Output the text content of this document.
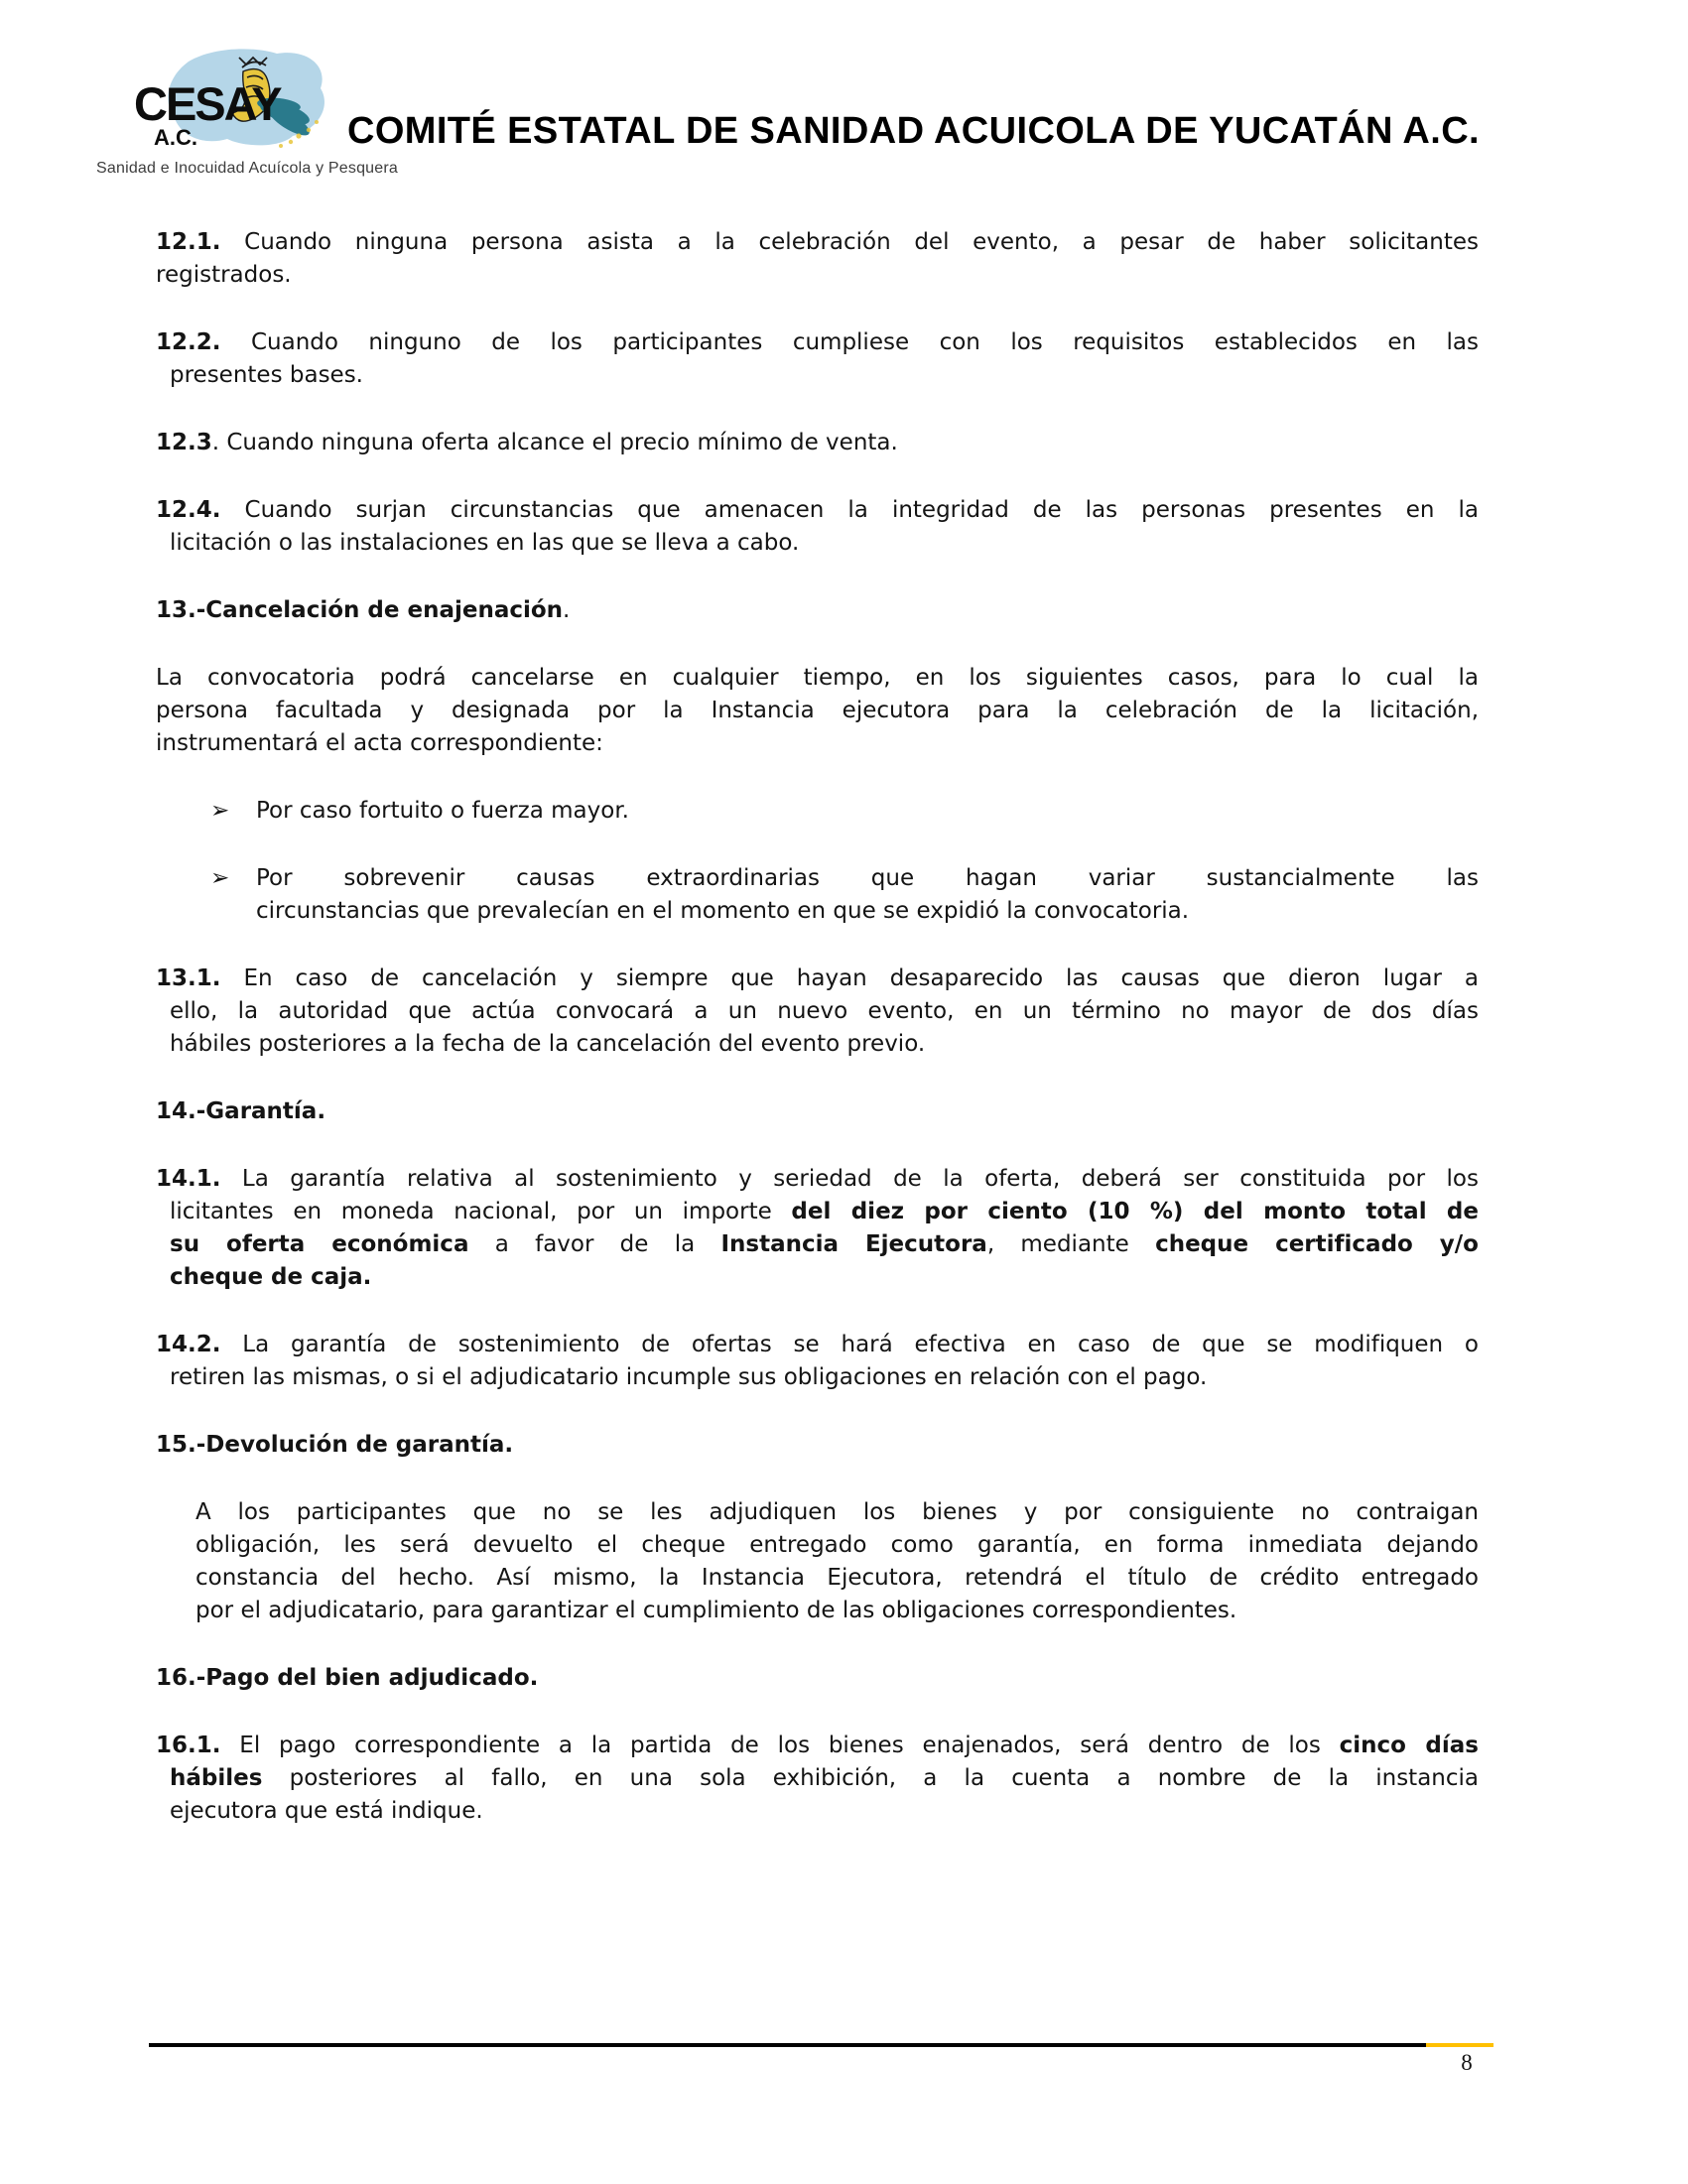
CESAY
A.C.
Sanidad e Inocuidad Acuícola y Pesquera
COMITÉ ESTATAL DE SANIDAD ACUICOLA DE YUCATÁN A.C.

12.1. Cuando ninguna persona asista a la celebración del evento, a pesar de haber solicitantes
registrados.

12.2. Cuando ninguno de los participantes cumpliese con los requisitos establecidos en las
presentes bases.

12.3. Cuando ninguna oferta alcance el precio mínimo de venta.

12.4. Cuando surjan circunstancias que amenacen la integridad de las personas presentes en la
licitación o las instalaciones en las que se lleva a cabo.

13.-Cancelación de enajenación.

La convocatoria podrá cancelarse en cualquier tiempo, en los siguientes casos, para lo cual la
persona facultada y designada por la Instancia ejecutora para la celebración de la licitación,
instrumentará el acta correspondiente:

➢ Por caso fortuito o fuerza mayor.

➢ Por sobrevenir causas extraordinarias que hagan variar sustancialmente las
circunstancias que prevalecían en el momento en que se expidió la convocatoria.

13.1. En caso de cancelación y siempre que hayan desaparecido las causas que dieron lugar a
ello, la autoridad que actúa convocará a un nuevo evento, en un término no mayor de dos días
hábiles posteriores a la fecha de la cancelación del evento previo.

14.-Garantía.

14.1. La garantía relativa al sostenimiento y seriedad de la oferta, deberá ser constituida por los
licitantes en moneda nacional, por un importe del diez por ciento (10 %) del monto total de
su oferta económica a favor de la Instancia Ejecutora, mediante cheque certificado y/o
cheque de caja.

14.2. La garantía de sostenimiento de ofertas se hará efectiva en caso de que se modifiquen o
retiren las mismas, o si el adjudicatario incumple sus obligaciones en relación con el pago.

15.-Devolución de garantía.

A los participantes que no se les adjudiquen los bienes y por consiguiente no contraigan
obligación, les será devuelto el cheque entregado como garantía, en forma inmediata dejando
constancia del hecho. Así mismo, la Instancia Ejecutora, retendrá el título de crédito entregado
por el adjudicatario, para garantizar el cumplimiento de las obligaciones correspondientes.

16.-Pago del bien adjudicado.

16.1. El pago correspondiente a la partida de los bienes enajenados, será dentro de los cinco días
hábiles posteriores al fallo, en una sola exhibición, a la cuenta a nombre de la instancia
ejecutora que está indique.

8
